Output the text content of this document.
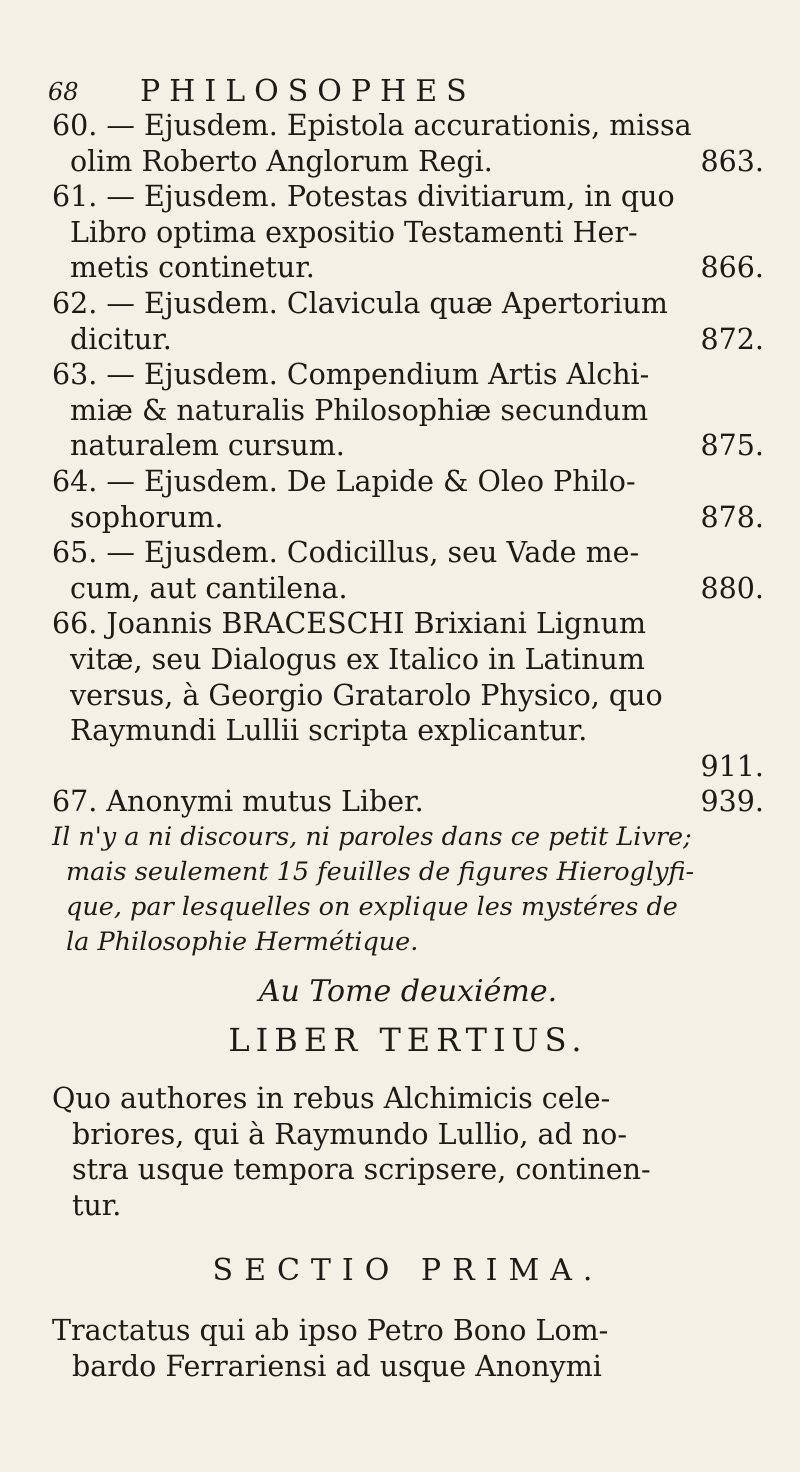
68 PHILOSOPHES
60. — Ejusdem. Epistola accurationis, missa
olim Roberto Anglorum Regi.	863.
61. — Ejusdem. Potestas divitiarum, in quo
Libro optima expositio Testamenti Her-
metis continetur.	866.
62. — Ejusdem. Clavicula quæ Apertorium
dicitur.	872.
63. — Ejusdem. Compendium Artis Alchi-
miæ & naturalis Philosophiæ secundum
naturalem cursum.	875.
64. — Ejusdem. De Lapide & Oleo Philo-
sophorum.	878.
65. — Ejusdem. Codicillus, seu Vade me-
cum, aut cantilena.	880.
66. Joannis BRACESCHI Brixiani Lignum
vitæ, seu Dialogus ex Italico in Latinum
versus, à Georgio Gratarolo Physico, quo
Raymundi Lullii scripta explicantur.
911.

67. Anonymi mutus Liber.	939.
Il n'y a ni discours, ni paroles dans ce petit Livre;
mais seulement 15 feuilles de figures Hieroglyfi-
que, par lesquelles on explique les mystéres de
la Philosophie Hermétique.
Au Tome deuxiéme.
LIBER TERTIUS.
Quo authores in rebus Alchimicis cele-
briores, qui à Raymundo Lullio, ad no-
stra usque tempora scripsere, continen-
tur.
SECTIO PRIMA.
Tractatus qui ab ipso Petro Bono Lom-
bardo Ferrariensi ad usque Anonymi
